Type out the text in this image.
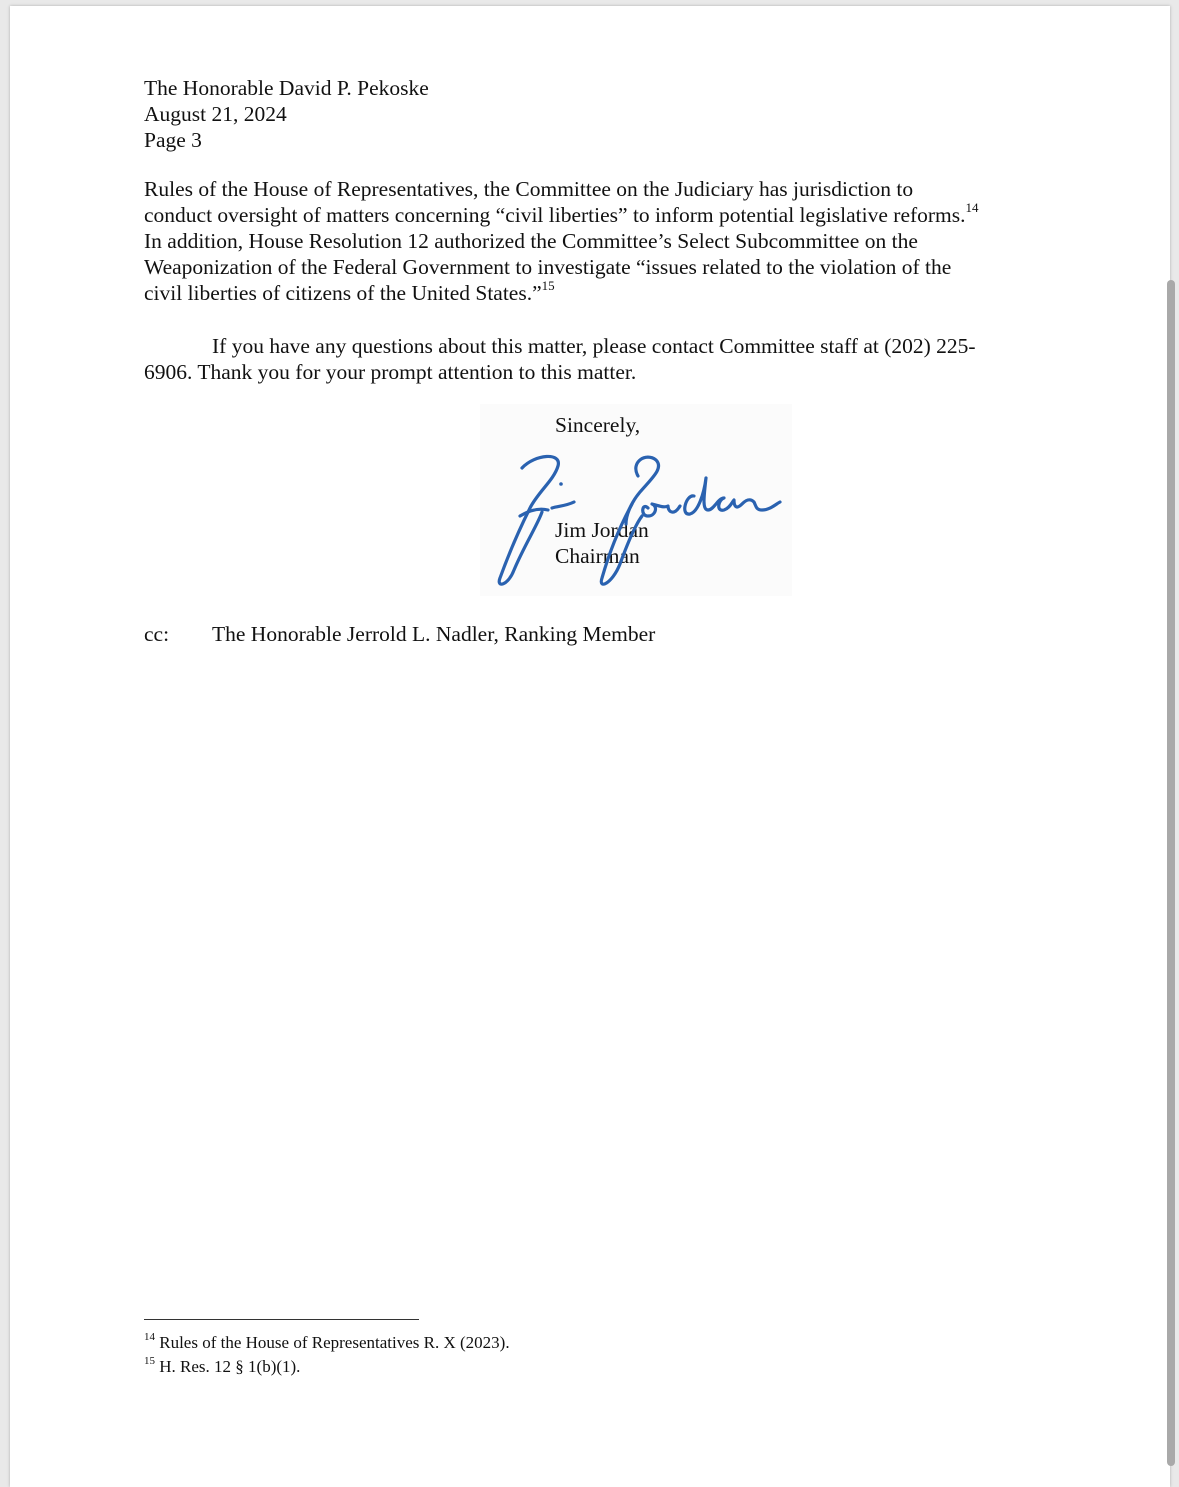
The Honorable David P. Pekoske
August 21, 2024
Page 3
Rules of the House of Representatives, the Committee on the Judiciary has jurisdiction to
conduct oversight of matters concerning “civil liberties” to inform potential legislative reforms.$^{14}$
In addition, House Resolution 12 authorized the Committee’s Select Subcommittee on the
Weaponization of the Federal Government to investigate “issues related to the violation of the
civil liberties of citizens of the United States.”$^{15}$
If you have any questions about this matter, please contact Committee staff at (202) 225-
6906. Thank you for your prompt attention to this matter.
Sincerely,
Jim Jordan
Chairman
cc: The Honorable Jerrold L. Nadler, Ranking Member
$^{14}$ Rules of the House of Representatives R. X (2023).
$^{15}$ H. Res. 12 § 1(b)(1).
